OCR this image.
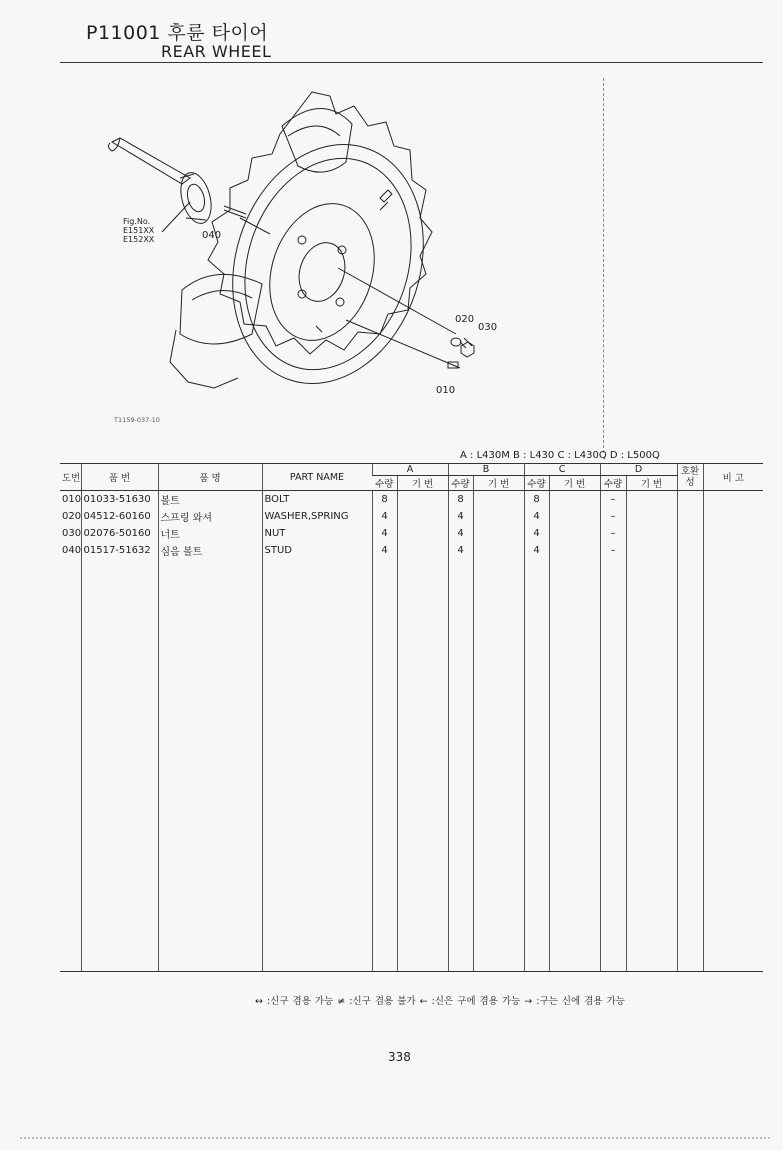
P11001 후륜 타이어
REAR WHEEL
Fig.No.
E151XX
E152XX	040
020
030
010
T1159-037-10
A : L430M B : L430 C : L430Q D : L500Q
도번	품 번	품 명	PART NAME	A		B		C		D		호환성	비 고
				수량	기 번	수량	기 번	수량	기 번	수량	기 번		
010	01033-51630	볼트	BOLT	8		8		8		–			
020	04512-60160	스프링 와셔	WASHER,SPRING	4		4		4		–			
030	02076-50160	너트	NUT	4		4		4		–			
040	01517-51632	심음 볼트	STUD	4		4		4		–			

↔ :신구 겸용 가능 ≠ :신구 겸용 불가 ← :신은 구에 겸용 가능 → :구는 신에 겸용 가능
338
